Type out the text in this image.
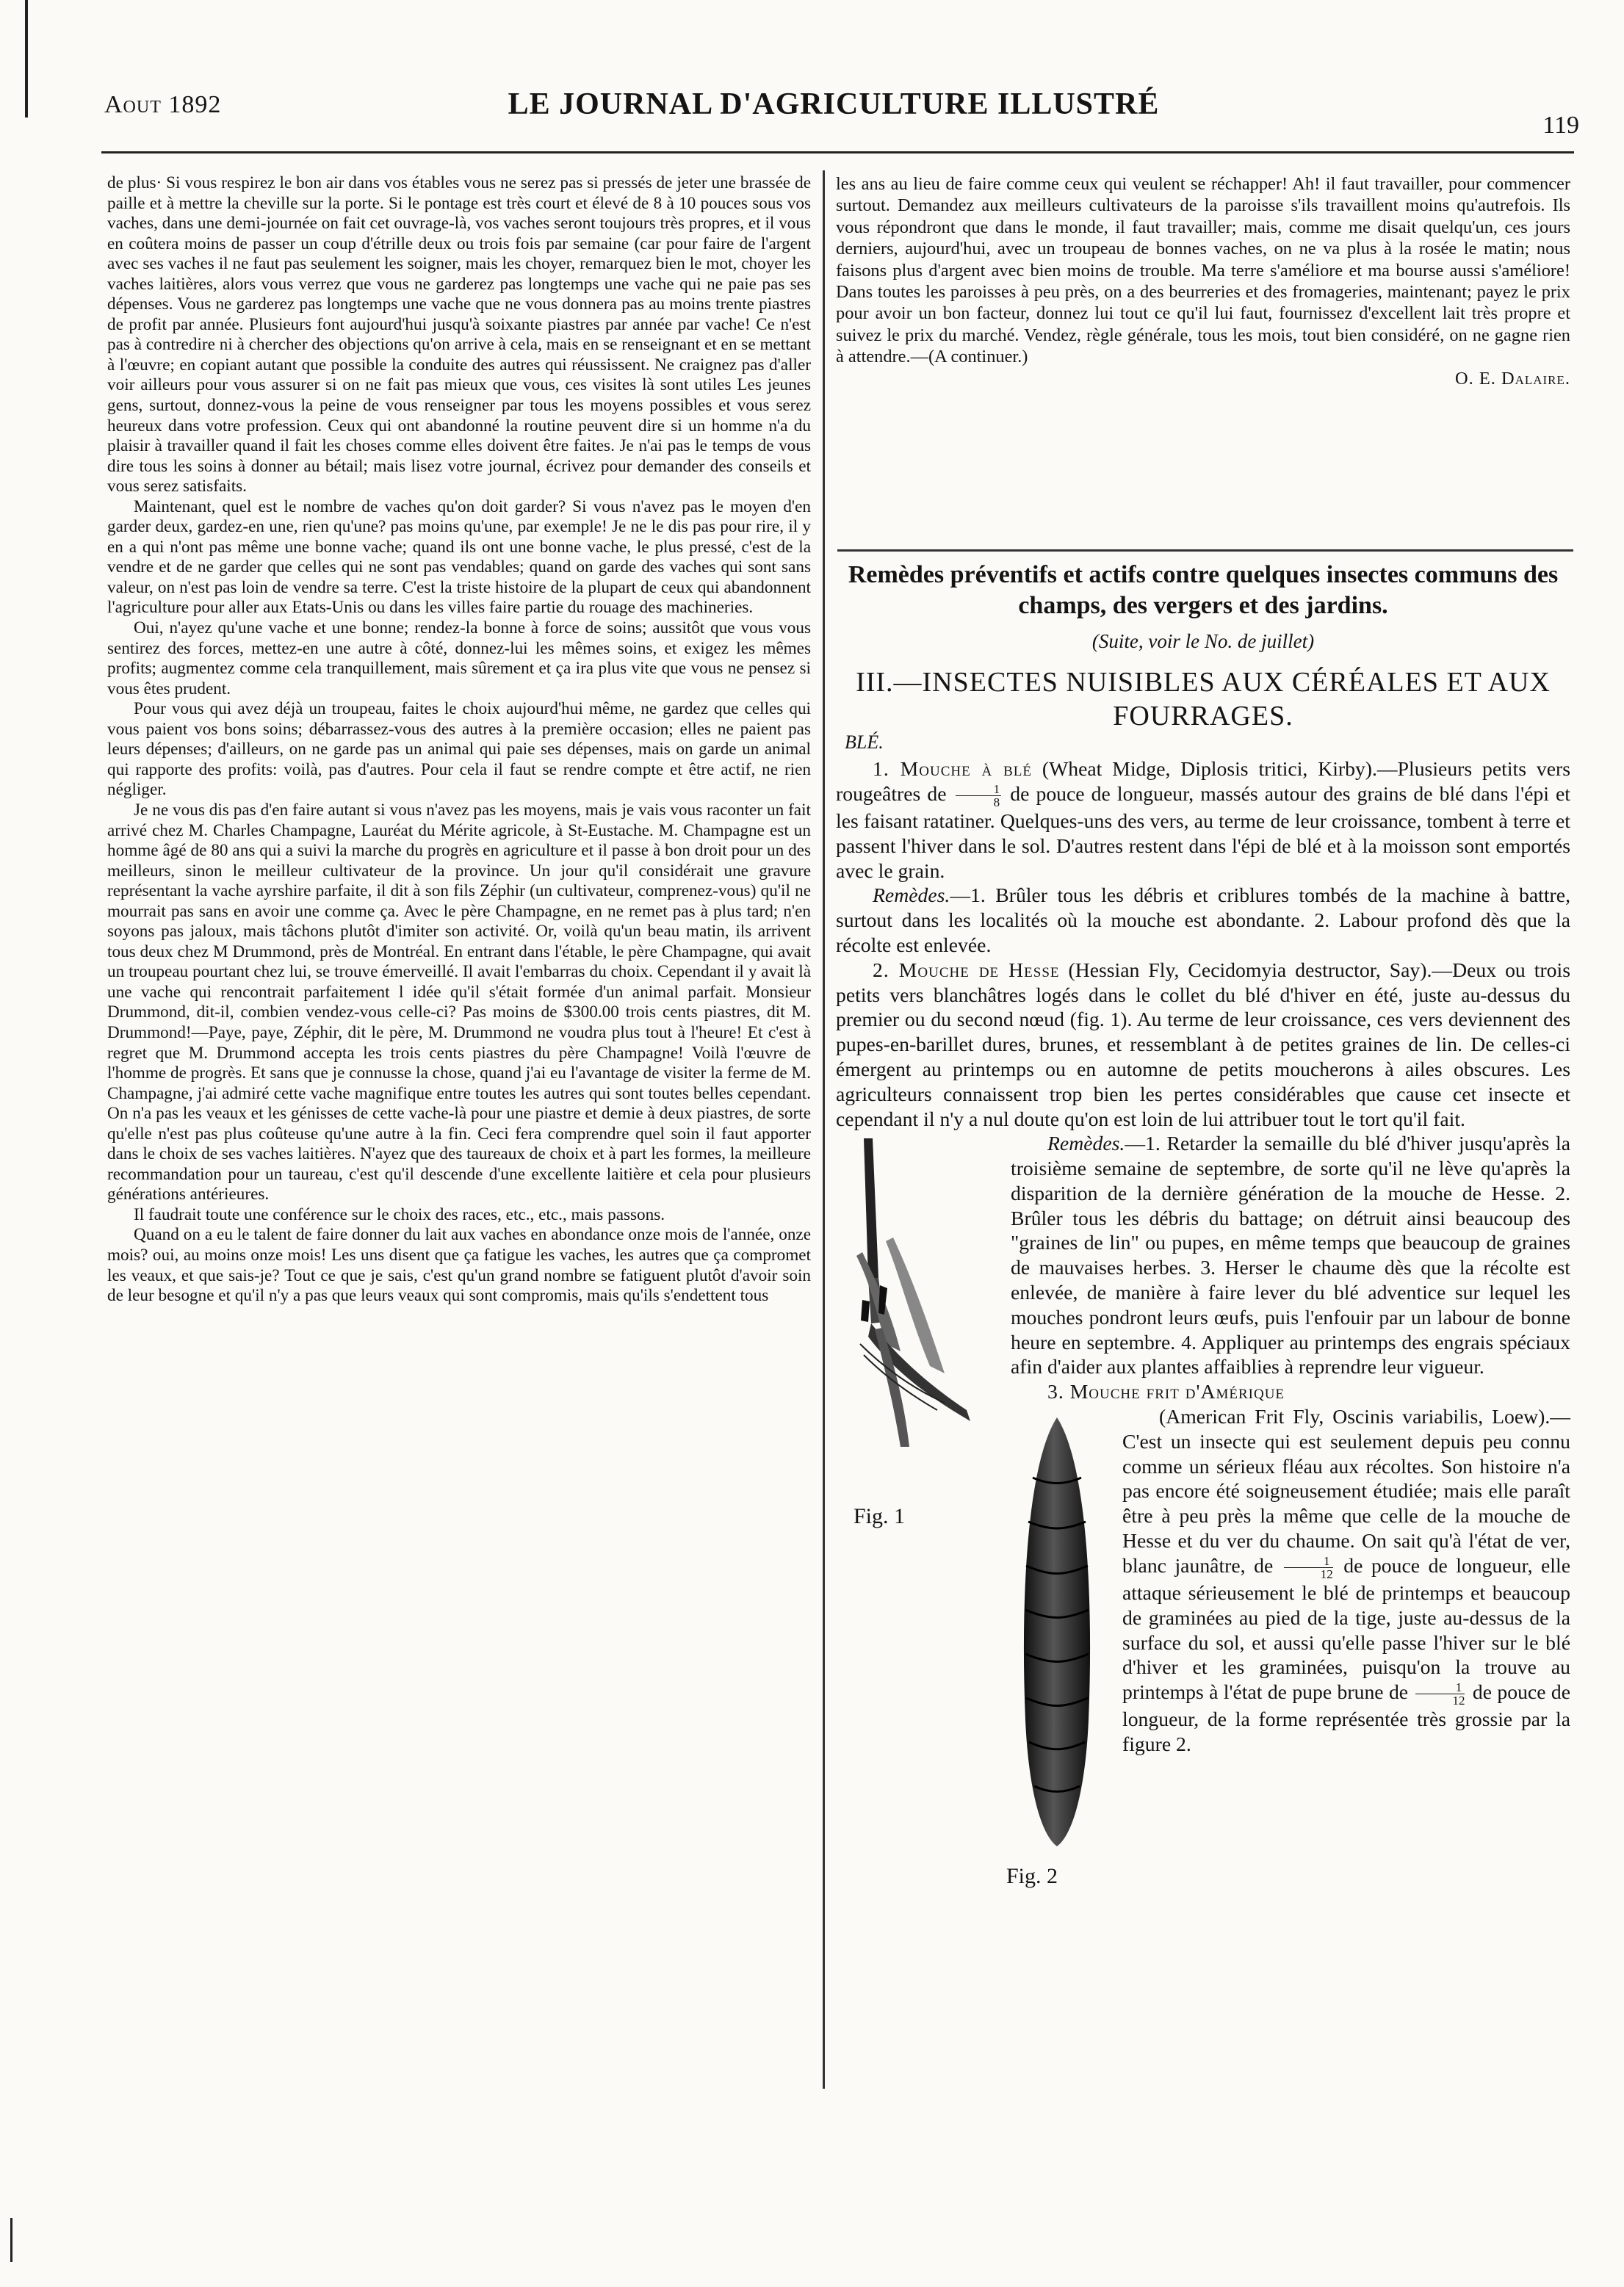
Aout 1892	LE JOURNAL D'AGRICULTURE ILLUSTRÉ
119

de plus· Si vous respirez le bon air dans vos étables vous ne serez pas si pressés de jeter une brassée de paille et à mettre la cheville sur la porte. Si le pontage est très court et élevé de 8 à 10 pouces sous vos vaches, dans une demi-journée on fait cet ouvrage-là, vos vaches seront toujours très propres, et il vous en coûtera moins de passer un coup d'étrille deux ou trois fois par semaine (car pour faire de l'argent avec ses vaches il ne faut pas seulement les soigner, mais les choyer, remarquez bien le mot, choyer les vaches laitières, alors vous verrez que vous ne garderez pas longtemps une vache qui ne paie pas ses dépenses. Vous ne garderez pas longtemps une vache que ne vous donnera pas au moins trente piastres de profit par année. Plusieurs font aujourd'hui jusqu'à soixante piastres par année par vache! Ce n'est pas à contredire ni à chercher des objections qu'on arrive à cela, mais en se renseignant et en se mettant à l'œuvre; en copiant autant que possible la conduite des autres qui réussissent. Ne craignez pas d'aller voir ailleurs pour vous assurer si on ne fait pas mieux que vous, ces visites là sont utiles Les jeunes gens, surtout, donnez-vous la peine de vous renseigner par tous les moyens possibles et vous serez heureux dans votre profession. Ceux qui ont abandonné la routine peuvent dire si un homme n'a du plaisir à travailler quand il fait les choses comme elles doivent être faites. Je n'ai pas le temps de vous dire tous les soins à donner au bétail; mais lisez votre journal, écrivez pour demander des conseils et vous serez satisfaits.

Maintenant, quel est le nombre de vaches qu'on doit garder? Si vous n'avez pas le moyen d'en garder deux, gardez-en une, rien qu'une? pas moins qu'une, par exemple! Je ne le dis pas pour rire, il y en a qui n'ont pas même une bonne vache; quand ils ont une bonne vache, le plus pressé, c'est de la vendre et de ne garder que celles qui ne sont pas vendables; quand on garde des vaches qui sont sans valeur, on n'est pas loin de vendre sa terre. C'est la triste histoire de la plupart de ceux qui abandonnent l'agriculture pour aller aux Etats-Unis ou dans les villes faire partie du rouage des machineries.

Oui, n'ayez qu'une vache et une bonne; rendez-la bonne à force de soins; aussitôt que vous vous sentirez des forces, mettez-en une autre à côté, donnez-lui les mêmes soins, et exigez les mêmes profits; augmentez comme cela tranquillement, mais sûrement et ça ira plus vite que vous ne pensez si vous êtes prudent.

Pour vous qui avez déjà un troupeau, faites le choix aujourd'hui même, ne gardez que celles qui vous paient vos bons soins; débarrassez-vous des autres à la première occasion; elles ne paient pas leurs dépenses; d'ailleurs, on ne garde pas un animal qui paie ses dépenses, mais on garde un animal qui rapporte des profits: voilà, pas d'autres. Pour cela il faut se rendre compte et être actif, ne rien négliger.

Je ne vous dis pas d'en faire autant si vous n'avez pas les moyens, mais je vais vous raconter un fait arrivé chez M. Charles Champagne, Lauréat du Mérite agricole, à St-Eustache. M. Champagne est un homme âgé de 80 ans qui a suivi la marche du progrès en agriculture et il passe à bon droit pour un des meilleurs, sinon le meilleur cultivateur de la province. Un jour qu'il considérait une gravure représentant la vache ayrshire parfaite, il dit à son fils Zéphir (un cultivateur, comprenez-vous) qu'il ne mourrait pas sans en avoir une comme ça. Avec le père Champagne, en ne remet pas à plus tard; n'en soyons pas jaloux, mais tâchons plutôt d'imiter son activité. Or, voilà qu'un beau matin, ils arrivent tous deux chez M Drummond, près de Montréal. En entrant dans l'étable, le père Champagne, qui avait un troupeau pourtant chez lui, se trouve émerveillé. Il avait l'embarras du choix. Cependant il y avait là une vache qui rencontrait parfaitement l idée qu'il s'était formée d'un animal parfait. Monsieur Drummond, dit-il, combien vendez-vous celle-ci? Pas moins de $300.00 trois cents piastres, dit M. Drummond!—Paye, paye, Zéphir, dit le père, M. Drummond ne voudra plus tout à l'heure! Et c'est à regret que M. Drummond accepta les trois cents piastres du père Champagne! Voilà l'œuvre de l'homme de progrès. Et sans que je connusse la chose, quand j'ai eu l'avantage de visiter la ferme de M. Champagne, j'ai admiré cette vache magnifique entre toutes les autres qui sont toutes belles cependant. On n'a pas les veaux et les génisses de cette vache-là pour une piastre et demie à deux piastres, de sorte qu'elle n'est pas plus coûteuse qu'une autre à la fin. Ceci fera comprendre quel soin il faut apporter dans le choix de ses vaches laitières. N'ayez que des taureaux de choix et à part les formes, la meilleure recommandation pour un taureau, c'est qu'il descende d'une excellente laitière et cela pour plusieurs générations antérieures.

Il faudrait toute une conférence sur le choix des races, etc., etc., mais passons.

Quand on a eu le talent de faire donner du lait aux vaches en abondance onze mois de l'année, onze mois? oui, au moins onze mois! Les uns disent que ça fatigue les vaches, les autres que ça compromet les veaux, et que sais-je? Tout ce que je sais, c'est qu'un grand nombre se fatiguent plutôt d'avoir soin de leur besogne et qu'il n'y a pas que leurs veaux qui sont compromis, mais qu'ils s'endettent tous

les ans au lieu de faire comme ceux qui veulent se réchapper! Ah! il faut travailler, pour commencer surtout. Demandez aux meilleurs cultivateurs de la paroisse s'ils travaillent moins qu'autrefois. Ils vous répondront que dans le monde, il faut travailler; mais, comme me disait quelqu'un, ces jours derniers, aujourd'hui, avec un troupeau de bonnes vaches, on ne va plus à la rosée le matin; nous faisons plus d'argent avec bien moins de trouble. Ma terre s'améliore et ma bourse aussi s'améliore! Dans toutes les paroisses à peu près, on a des beurreries et des fromageries, maintenant; payez le prix pour avoir un bon facteur, donnez lui tout ce qu'il lui faut, fournissez d'excellent lait très propre et suivez le prix du marché. Vendez, règle générale, tous les mois, tout bien considéré, on ne gagne rien à attendre.—(A continuer.)

O. E. Dalaire.
Remèdes préventifs et actifs contre quelques insectes communs des champs, des vergers et des jardins.
(Suite, voir le No. de juillet)
III.—INSECTES NUISIBLES AUX CÉRÉALES ET AUX FOURRAGES.
BLÉ.

1. Mouche à blé (Wheat Midge, Diplosis tritici, Kirby).—Plusieurs petits vers rougeâtres de $\frac{1}{8}$ de pouce de longueur, massés autour des grains de blé dans l'épi et les faisant ratatiner. Quelques-uns des vers, au terme de leur croissance, tombent à terre et passent l'hiver dans le sol. D'autres restent dans l'épi de blé et à la moisson sont emportés avec le grain.

Remèdes.—1. Brûler tous les débris et criblures tombés de la machine à battre, surtout dans les localités où la mouche est abondante. 2. Labour profond dès que la récolte est enlevée.

2. Mouche de Hesse (Hessian Fly, Cecidomyia destructor, Say).—Deux ou trois petits vers blanchâtres logés dans le collet du blé d'hiver en été, juste au-dessus du premier ou du second nœud (fig. 1). Au terme de leur croissance, ces vers deviennent des pupes-en-barillet dures, brunes, et ressemblant à de petites graines de lin. De celles-ci émergent au printemps ou en automne de petits moucherons à ailes obscures. Les agriculteurs connaissent trop bien les pertes considérables que cause cet insecte et cependant il n'y a nul doute qu'on est loin de lui attribuer tout le tort qu'il fait.

Fig. 1

Remèdes.—1. Retarder la semaille du blé d'hiver jusqu'après la troisième semaine de septembre, de sorte qu'il ne lève qu'après la disparition de la dernière génération de la mouche de Hesse. 2. Brûler tous les débris du battage; on détruit ainsi beaucoup des "graines de lin" ou pupes, en même temps que beaucoup de graines de mauvaises herbes. 3. Herser le chaume dès que la récolte est enlevée, de manière à faire lever du blé adventice sur lequel les mouches pondront leurs œufs, puis l'enfouir par un labour de bonne heure en septembre. 4. Appliquer au printemps des engrais spéciaux afin d'aider aux plantes affaiblies à reprendre leur vigueur.

3. Mouche frit d'Amérique

Fig. 2

(American Frit Fly, Oscinis variabilis, Loew).—C'est un insecte qui est seulement depuis peu connu comme un sérieux fléau aux récoltes. Son histoire n'a pas encore été soigneusement étudiée; mais elle paraît être à peu près la même que celle de la mouche de Hesse et du ver du chaume. On sait qu'à l'état de ver, blanc jaunâtre, de $\frac{1}{12}$ de pouce de longueur, elle attaque sérieusement le blé de printemps et beaucoup de graminées au pied de la tige, juste au-dessus de la surface du sol, et aussi qu'elle passe l'hiver sur le blé d'hiver et les graminées, puisqu'on la trouve au printemps à l'état de pupe brune de $\frac{1}{12}$ de pouce de longueur, de la forme représentée très grossie par la figure 2.
